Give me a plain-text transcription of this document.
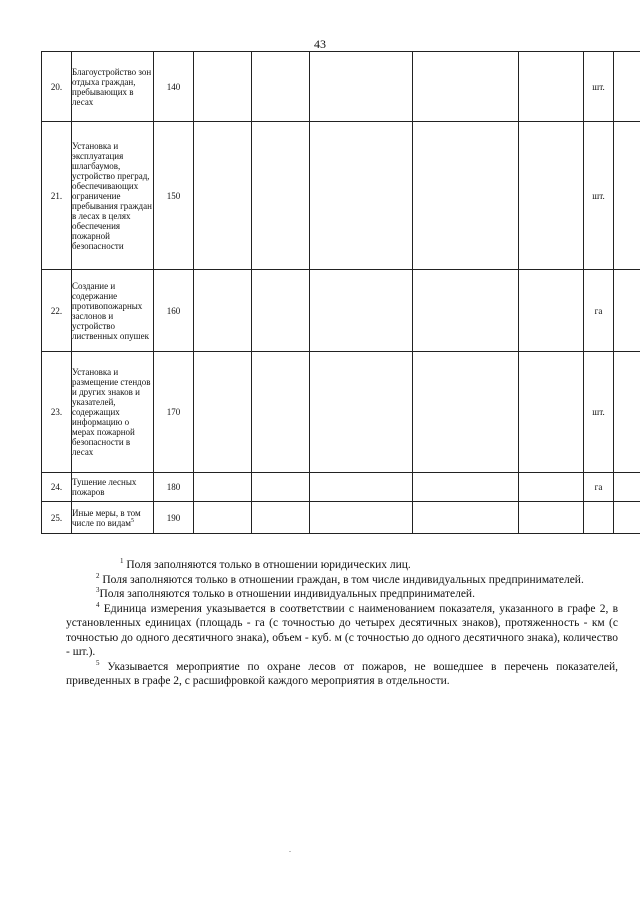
43
20.	Благоустройство зон отдыха граждан, пребывающих в лесах	140						шт.	
21.	Установка и эксплуатация шлагбаумов, устройство преград, обеспечивающих ограничение пребывания граждан в лесах в целях обеспечения пожарной безопасности	150						шт.	
22.	Создание и содержание противопожарных заслонов и устройство лиственных опушек	160						га	
23.	Установка и размещение стендов и других знаков и указателей, содержащих информацию о мерах пожарной безопасности в лесах	170						шт.	
24.	Тушение лесных пожаров	180						га	
25.	Иные меры, в том числе по видам$^5$	190							

$^1$ Поля заполняются только в отношении юридических лиц.

$^2$ Поля заполняются только в отношении граждан, в том числе индивидуальных предпринимателей.

$^3$Поля заполняются только в отношении индивидуальных предпринимателей.

$^4$ Единица измерения указывается в соответствии с наименованием показателя, указанного в графе 2, в установленных единицах (площадь - га (с точностью до четырех десятичных знаков), протяженность - км (с точностью до одного десятичного знака), объем - куб. м (с точностью до одного десятичного знака), количество - шт.).

$^5$ Указывается мероприятие по охране лесов от пожаров, не вошедшее в перечень показателей, приведенных в графе 2, с расшифровкой каждого мероприятия в отдельности.

.
